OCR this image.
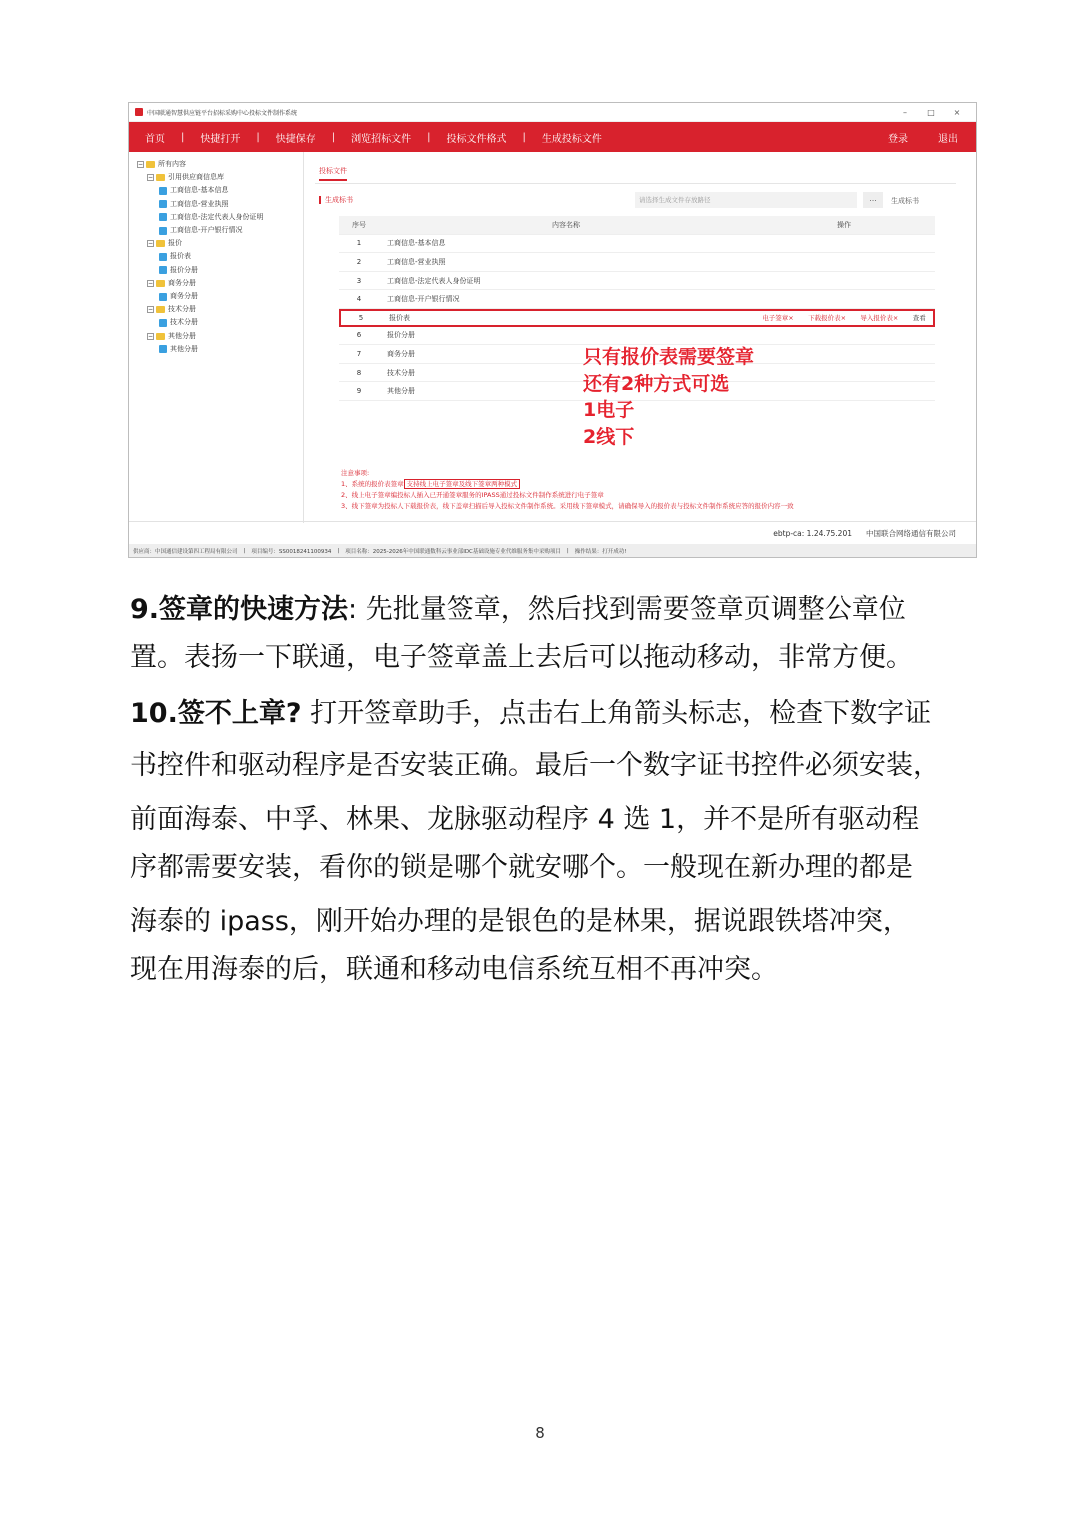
中国联通智慧供应链平台招标采购中心投标文件制作系统	–	□	×
首页	|	快捷打开	|	快捷保存	|	浏览招标文件	|	投标文件格式	|	生成投标文件	登录	退出
− 所有内容
− 引用供应商信息库
工商信息-基本信息
工商信息-营业执照
工商信息-法定代表人身份证明
工商信息-开户银行情况
− 报价
报价表
报价分册
− 商务分册
商务分册
− 技术分册
技术分册
− 其他分册
其他分册
投标文件
生成标书	请选择生成文件存放路径	...	生成标书
序号	内容名称	操作
1	工商信息-基本信息
2	工商信息-营业执照
3	工商信息-法定代表人身份证明
4	工商信息-开户银行情况
5	报价表	电子签章× 下载报价表× 导入报价表× 查看
6	报价分册
7	商务分册
8	技术分册
9	其他分册
只有报价表需要签章
还有2种方式可选
1电子
2线下
注意事项:
1、系统的报价表签章 支持线上电子签章及线下签章两种模式
2、线上电子签章编投标人插入已开通签章服务的IPASS通过投标文件制作系统进行电子签章
3、线下签章为投标人下载报价表，线下盖章扫描后导入投标文件制作系统。采用线下签章模式，请确保导入的报价表与投标文件制作系统应答的报价内容一致
ebtp-ca: 1.24.75.201 中国联合网络通信有限公司
供应商：中国通信建设第四工程局有限公司 | 项目编号：SS0018241100934 | 项目名称：2025-2026年中国联通数科云事业部IDC基础设施专业代维服务集中采购项目 | 操作结果：打开成功!
9.签章的快速方法: 先批量签章，然后找到需要签章页调整公章位
置。表扬一下联通，电子签章盖上去后可以拖动移动，非常方便。
10.签不上章? 打开签章助手，点击右上角箭头标志，检查下数字证
书控件和驱动程序是否安装正确。最后一个数字证书控件必须安装，
前面海泰、中孚、林果、龙脉驱动程序 4 选 1，并不是所有驱动程
序都需要安装，看你的锁是哪个就安哪个。一般现在新办理的都是
海泰的 ipass，刚开始办理的是银色的是林果，据说跟铁塔冲突，
现在用海泰的后，联通和移动电信系统互相不再冲突。
8
